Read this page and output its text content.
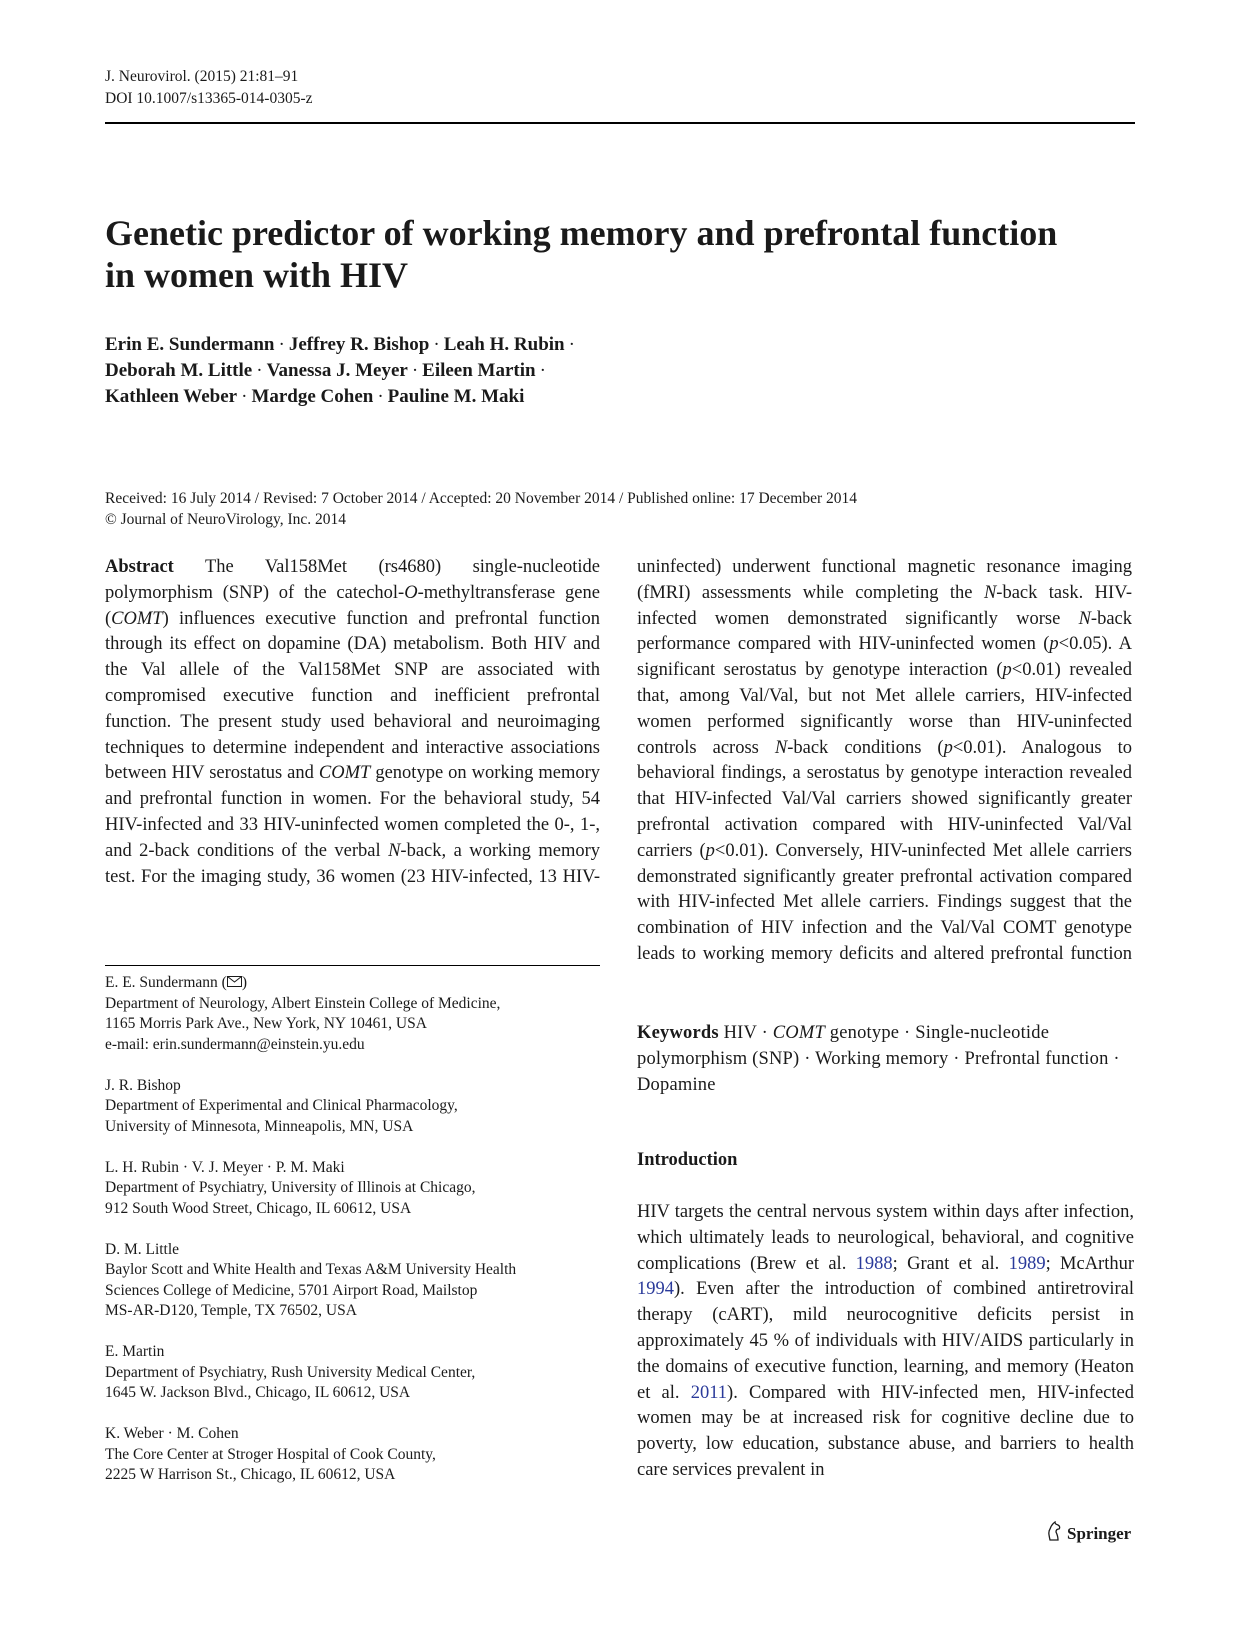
J. Neurovirol. (2015) 21:81–91
DOI 10.1007/s13365-014-0305-z
Genetic predictor of working memory and prefrontal function
in women with HIV
Erin E. Sundermann · Jeffrey R. Bishop · Leah H. Rubin ·
Deborah M. Little · Vanessa J. Meyer · Eileen Martin ·
Kathleen Weber · Mardge Cohen · Pauline M. Maki
Received: 16 July 2014 / Revised: 7 October 2014 / Accepted: 20 November 2014 / Published online: 17 December 2014
© Journal of NeuroVirology, Inc. 2014

Abstract The Val158Met (rs4680) single-nucleotide polymorphism (SNP) of the catechol-O-methyltransferase gene (COMT) influences executive function and prefrontal function through its effect on dopamine (DA) metabolism. Both HIV and the Val allele of the Val158Met SNP are associated with compromised executive function and inefficient prefrontal function. The present study used behavioral and neuroimaging techniques to determine independent and interactive associations between HIV serostatus and COMT genotype on working memory and prefrontal function in women. For the behavioral study, 54 HIV-infected and 33 HIV-uninfected women completed the 0-, 1-, and 2-back conditions of the verbal N-back, a working memory test. For the imaging study, 36 women (23 HIV-infected, 13 HIV-

E. E. Sundermann ( )
Department of Neurology, Albert Einstein College of Medicine,
1165 Morris Park Ave., New York, NY 10461, USA
e-mail: erin.sundermann@einstein.yu.edu
J. R. Bishop
Department of Experimental and Clinical Pharmacology,
University of Minnesota, Minneapolis, MN, USA
L. H. Rubin · V. J. Meyer · P. M. Maki
Department of Psychiatry, University of Illinois at Chicago,
912 South Wood Street, Chicago, IL 60612, USA
D. M. Little
Baylor Scott and White Health and Texas A&M University Health
Sciences College of Medicine, 5701 Airport Road, Mailstop
MS-AR-D120, Temple, TX 76502, USA
E. Martin
Department of Psychiatry, Rush University Medical Center,
1645 W. Jackson Blvd., Chicago, IL 60612, USA
K. Weber · M. Cohen
The Core Center at Stroger Hospital of Cook County,
2225 W Harrison St., Chicago, IL 60612, USA
Keywords HIV · COMT genotype · Single-nucleotide polymorphism (SNP) · Working memory · Prefrontal function · Dopamine
Introduction

HIV targets the central nervous system within days after infection, which ultimately leads to neurological, behavioral, and cognitive complications (Brew et al. 1988; Grant et al. 1989; McArthur 1994). Even after the introduction of combined antiretroviral therapy (cART), mild neurocognitive deficits persist in approximately 45 % of individuals with HIV/AIDS particularly in the domains of executive function, learning, and memory (Heaton et al. 2011). Compared with HIV-infected men, HIV-infected women may be at increased risk for cognitive decline due to poverty, low education, substance abuse, and barriers to health care services prevalent in

Springer

uninfected) underwent functional magnetic resonance imaging (fMRI) assessments while completing the N-back task. HIV-infected women demonstrated significantly worse N-back performance compared with HIV-uninfected women (p<0.05). A significant serostatus by genotype interaction (p<0.01) revealed that, among Val/Val, but not Met allele carriers, HIV-infected women performed significantly worse than HIV-uninfected controls across N-back conditions (p<0.01). Analogous to behavioral findings, a serostatus by genotype interaction revealed that HIV-infected Val/Val carriers showed significantly greater prefrontal activation compared with HIV-uninfected Val/Val carriers (p<0.01). Conversely, HIV-uninfected Met allele carriers demonstrated significantly greater prefrontal activation compared with HIV-infected Met allele carriers. Findings suggest that the combination of HIV infection and the Val/Val COMT genotype leads to working memory deficits and altered prefrontal function
